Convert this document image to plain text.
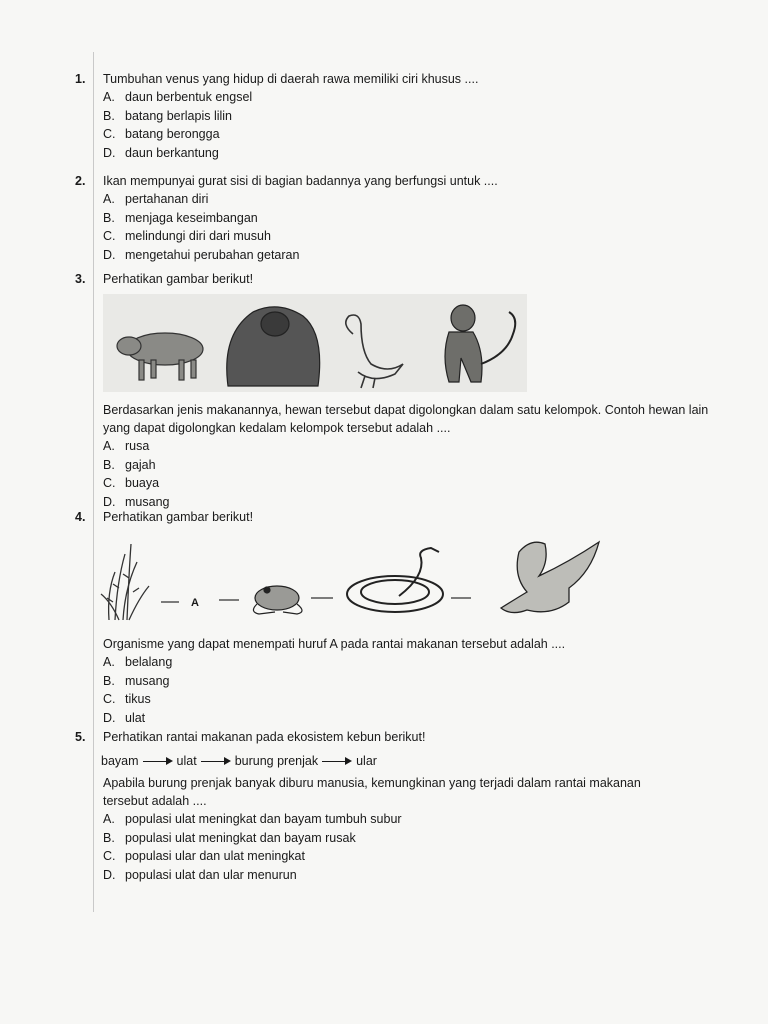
1.	Tumbuhan venus yang hidup di daerah rawa memiliki ciri khusus ....
A. daun berbentuk engsel
B. batang berlapis lilin
C. batang berongga
D. daun berkantung
2.	Ikan mempunyai gurat sisi di bagian badannya yang berfungsi untuk ....
A. pertahanan diri
B. menjaga keseimbangan
C. melindungi diri dari musuh
D. mengetahui perubahan getaran
3.	Perhatikan gambar berikut!
Berdasarkan jenis makanannya, hewan tersebut dapat digolongkan dalam satu kelompok. Contoh hewan lain yang dapat digolongkan kedalam kelompok tersebut adalah ....
A. rusa
B. gajah
C. buaya
D. musang
4.	Perhatikan gambar berikut!
A
Organisme yang dapat menempati huruf A pada rantai makanan tersebut adalah ....
A. belalang
B. musang
C. tikus
D. ulat
5.	Perhatikan rantai makanan pada ekosistem kebun berikut!
bayam	ulat	burung prenjak	ular
Apabila burung prenjak banyak diburu manusia, kemungkinan yang terjadi dalam rantai makanan tersebut adalah ....
A. populasi ulat meningkat dan bayam tumbuh subur
B. populasi ulat meningkat dan bayam rusak
C. populasi ular dan ulat meningkat
D. populasi ulat dan ular menurun
